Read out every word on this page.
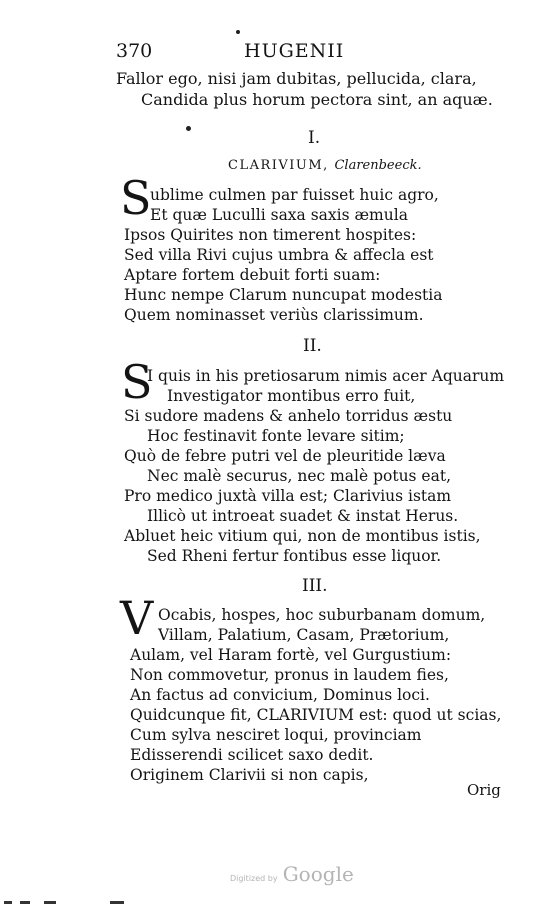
370	HUGENII
Fallor ego, nisi jam dubitas, pellucida, clara,
Candida plus horum pectora sint, an aquæ.
I.
CLARIVIUM, Clarenbeeck.
S
ublime culmen par fuisset huic agro,
Et quæ Luculli saxa saxis æmula
Ipsos Quirites non timerent hospites:
Sed villa Rivi cujus umbra & affecla est
Aptare fortem debuit forti suam:
Hunc nempe Clarum nuncupat modestia
Quem nominasset veriùs clarissimum.
II.
S
I quis in his pretiosarum nimis acer Aquarum
Investigator montibus erro fuit,
Si sudore madens & anhelo torridus æstu
Hoc festinavit fonte levare sitim;
Quò de febre putri vel de pleuritide læva
Nec malè securus, nec malè potus eat,
Pro medico juxtà villa est; Clarivius istam
Illicò ut introeat suadet & instat Herus.
Abluet heic vitium qui, non de montibus istis,
Sed Rheni fertur fontibus esse liquor.
III.
V Ocabis, hospes, hoc suburbanam domum,
Villam, Palatium, Casam, Prætorium,
Aulam, vel Haram fortè, vel Gurgustium:
Non commovetur, pronus in laudem fies,
An factus ad convicium, Dominus loci.
Quidcunque fit, CLARIVIUM est: quod ut scias,
Cum sylva nesciret loqui, provinciam
Edisserendi scilicet saxo dedit.
Originem Clarivii si non capis,
Orig
Digitized by Google
